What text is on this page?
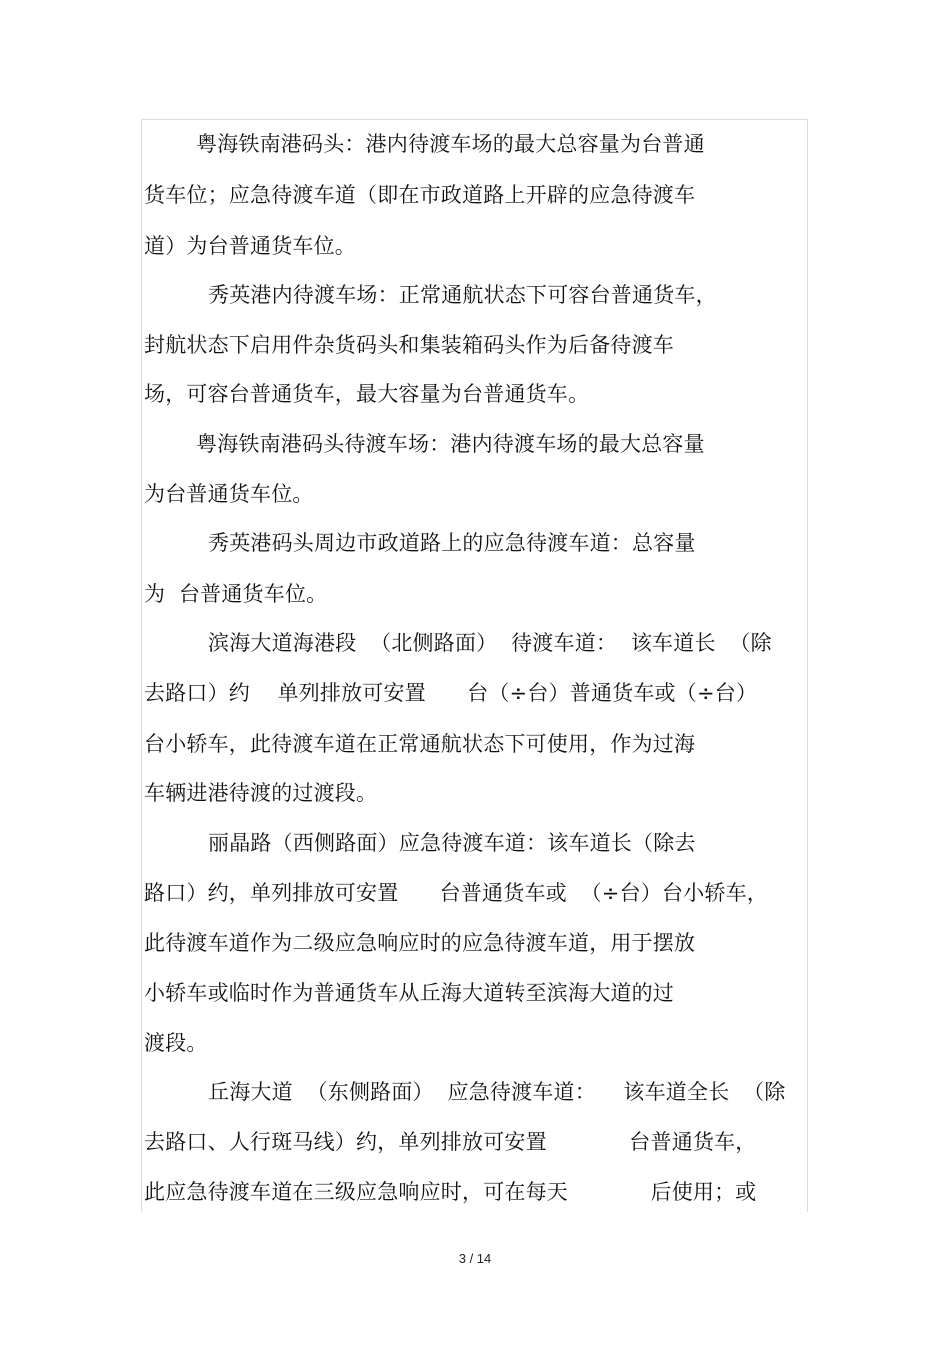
粤海铁南港码头：港内待渡车场的最大总容量为台普通
货车位；应急待渡车道（即在市政道路上开辟的应急待渡车
道）为台普通货车位。
秀英港内待渡车场：正常通航状态下可容台普通货车，
封航状态下启用件杂货码头和集装箱码头作为后备待渡车
场，可容台普通货车，最大容量为台普通货车。
粤海铁南港码头待渡车场：港内待渡车场的最大总容量
为台普通货车位。
秀英港码头周边市政道路上的应急待渡车道：总容量
为  台普通货车位。
滨海大道海港段  （北侧路面）  待渡车道：  该车道长  （除
去路口）约    单列排放可安置      台（÷台）普通货车或（÷台）
台小轿车，此待渡车道在正常通航状态下可使用，作为过海
车辆进港待渡的过渡段。
丽晶路（西侧路面）应急待渡车道：该车道长（除去
路口）约，单列排放可安置      台普通货车或  （÷台）台小轿车，
此待渡车道作为二级应急响应时的应急待渡车道，用于摆放
小轿车或临时作为普通货车从丘海大道转至滨海大道的过
渡段。
丘海大道  （东侧路面）  应急待渡车道：    该车道全长  （除
去路口、人行斑马线）约，单列排放可安置            台普通货车，
此应急待渡车道在三级应急响应时，可在每天            后使用；或
3 / 14
